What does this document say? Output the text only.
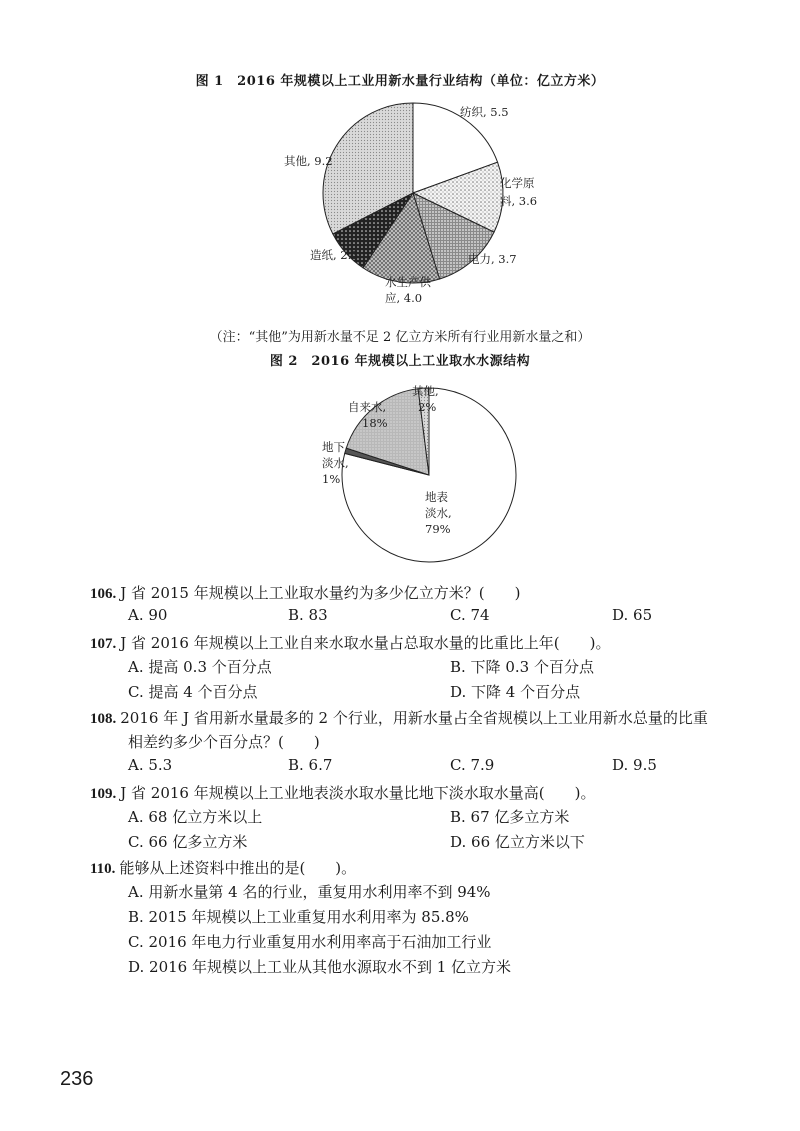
图 1　2016 年规模以上工业用新水量行业结构（单位：亿立方米）
纺织, 5.5
化学原
料, 3.6
电力, 3.7
水生产供
应, 4.0
造纸, 2.3
其他, 9.2
（注：“其他”为用新水量不足 2 亿立方米所有行业用新水量之和）
图 2　2016 年规模以上工业取水水源结构
地表
淡水,
79%
地下
淡水,
1%
自来水,
18%
其他,
2%
106. J 省 2015 年规模以上工业取水量约为多少亿立方米？(　　)
A. 90	B. 83	C. 74	D. 65
107. J 省 2016 年规模以上工业自来水取水量占总取水量的比重比上年(　　)。
A. 提高 0.3 个百分点	B. 下降 0.3 个百分点
C. 提高 4 个百分点	D. 下降 4 个百分点
108. 2016 年 J 省用新水量最多的 2 个行业，用新水量占全省规模以上工业用新水总量的比重
相差约多少个百分点？(　　)
A. 5.3	B. 6.7	C. 7.9	D. 9.5
109. J 省 2016 年规模以上工业地表淡水取水量比地下淡水取水量高(　　)。
A. 68 亿立方米以上	B. 67 亿多立方米
C. 66 亿多立方米	D. 66 亿立方米以下
110. 能够从上述资料中推出的是(　　)。
A. 用新水量第 4 名的行业，重复用水利用率不到 94%
B. 2015 年规模以上工业重复用水利用率为 85.8%
C. 2016 年电力行业重复用水利用率高于石油加工行业
D. 2016 年规模以上工业从其他水源取水不到 1 亿立方米
236
